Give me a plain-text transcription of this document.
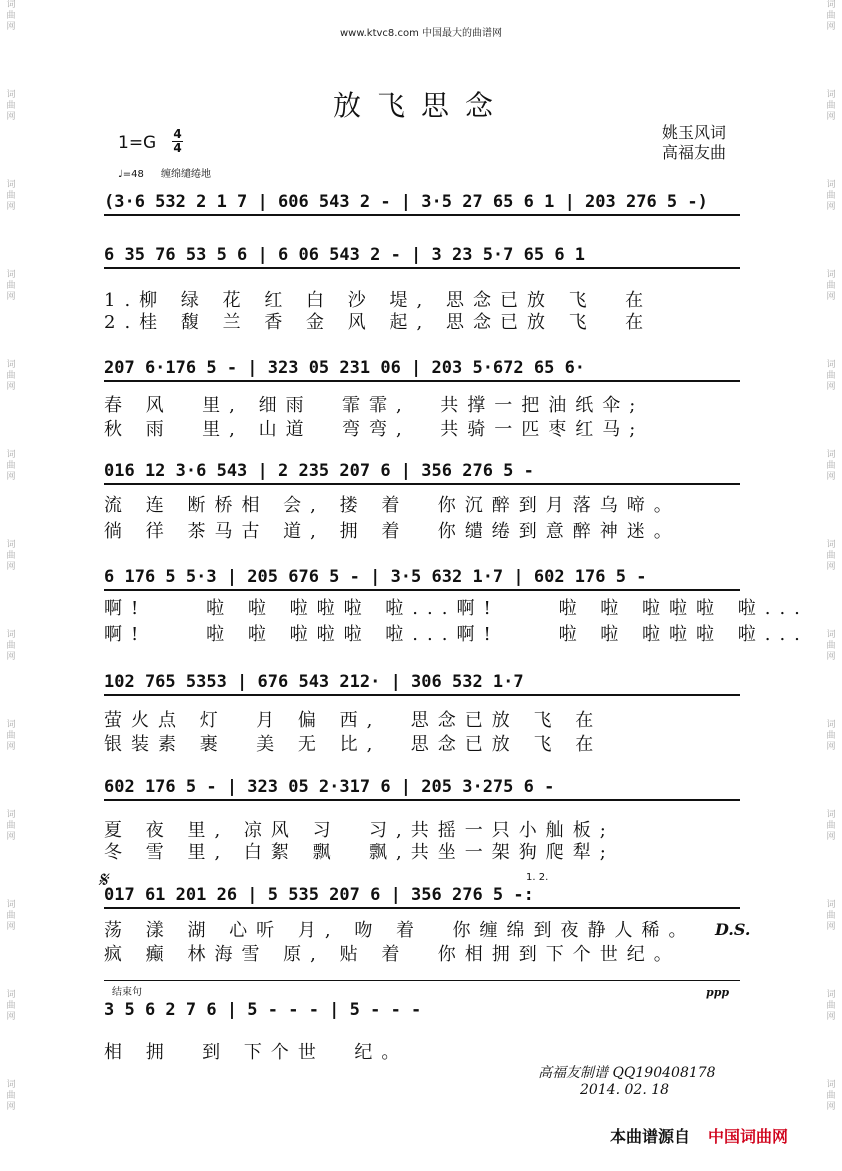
词
曲
网
词
曲
网
词
曲
网
词
曲
网
词
曲
网
词
曲
网
词
曲
网
词
曲
网
词
曲
网
词
曲
网
词
曲
网
词
曲
网
词
曲
网
词
曲
网
词
曲
网
词
曲
网
词
曲
网
词
曲
网
词
曲
网
词
曲
网
词
曲
网
词
曲
网
词
曲
网
词
曲
网
词
曲
网
词
曲
网
www.ktvc8.com 中国最大的曲谱网
放飞思念
1=G 4
4
♩=48 缠绵缱绻地
姚玉风词
高福友曲
(3·6 532 2 1 7 | 606 543 2 - | 3·5 27 65 6 1 | 203 276 5 -)
6 35 76 53 5 6 | 6 06 543 2 - | 3 23 5·7 65 6 1
207 6·176 5 - | 323 05 231 06 | 203 5·672 65 6·
016 12 3·6 543 | 2 235 207 6 | 356 276 5 -
6 176 5 5·3 | 205 676 5 - | 3·5 632 1·7 | 602 176 5 -
102 765 5353 | 676 543 212· | 306 532 1·7
602 176 5 - | 323 05 2·317 6 | 205 3·275 6 -
017 61 201 26 | 5 535 207 6 | 356 276 5 -:
3 5 6 2 7 6 | 5 - - - | 5 - - -
1.柳 绿 花 红 白 沙 堤, 思念已放 飞  在
2.桂 馥 兰 香 金 风 起, 思念已放 飞  在
春 风  里, 细雨  霏霏,  共撑一把油纸伞;
秋 雨  里, 山道  弯弯,  共骑一匹枣红马;
流 连 断桥相 会, 搂 着  你沉醉到月落乌啼。
徜 徉 茶马古 道, 拥 着  你缱绻到意醉神迷。
啊!    啦 啦 啦啦啦 啦...啊!    啦 啦 啦啦啦 啦...
啊!    啦 啦 啦啦啦 啦...啊!    啦 啦 啦啦啦 啦...
萤火点 灯  月 偏 西,  思念已放 飞 在
银装素 裹  美 无 比,  思念已放 飞 在
夏 夜 里, 凉风 习  习,共摇一只小舢板;
冬 雪 里, 白絮 飘  飘,共坐一架狗爬犁;
荡 漾 湖 心听 月, 吻 着  你缠绵到夜静人稀。
疯 癫 林海雪 原, 贴 着  你相拥到下个世纪。
相 拥  到 下个世  纪。
𝄋	1. 2.
D.S.
结束句	ppp
高福友制谱 QQ190408178
2014. 02. 18
本曲谱源自 中国词曲网
